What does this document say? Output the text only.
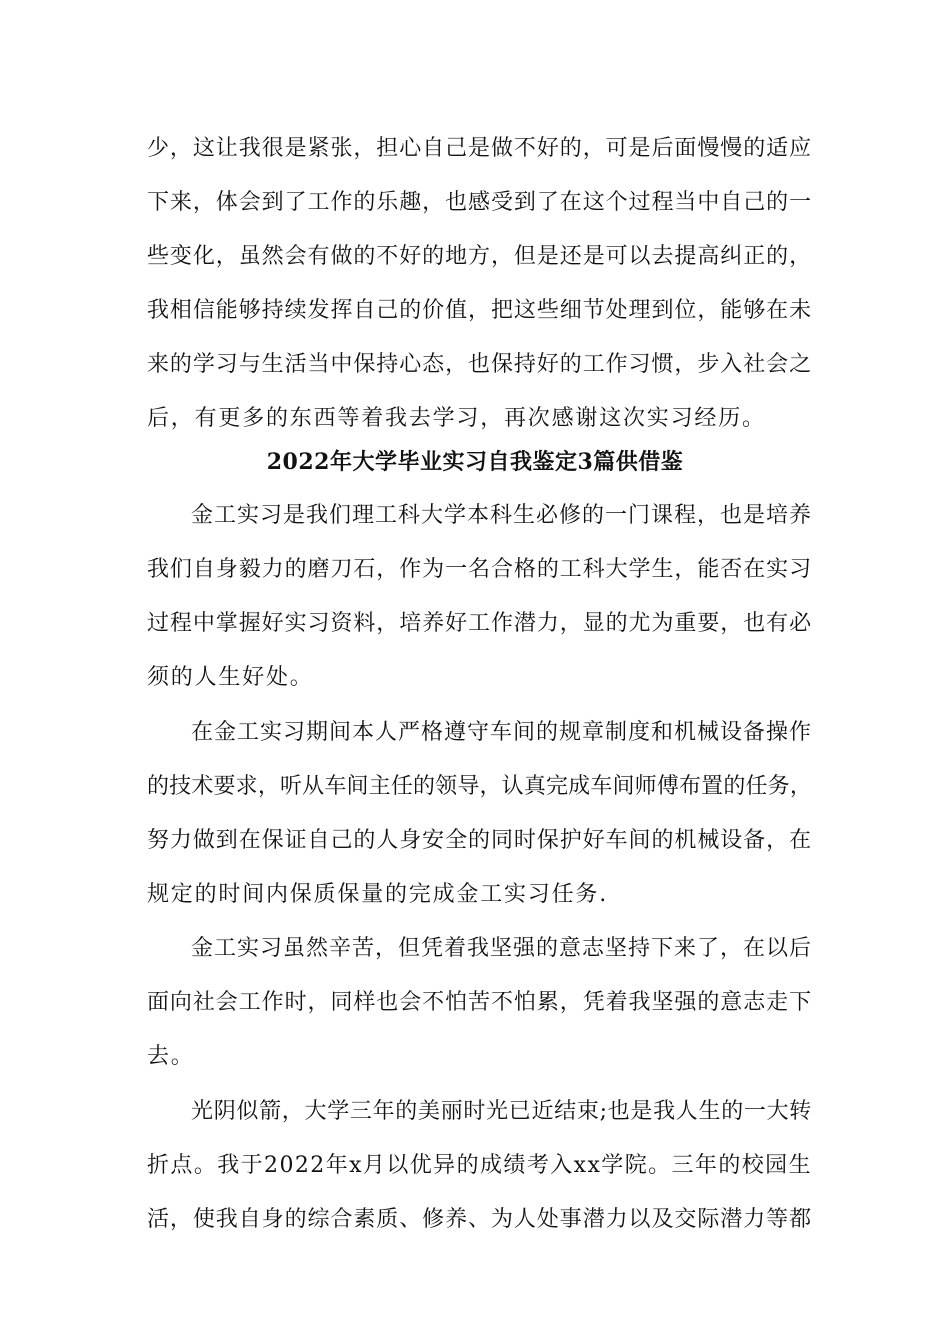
少，这让我很是紧张，担心自己是做不好的，可是后面慢慢的适应
下来，体会到了工作的乐趣，也感受到了在这个过程当中自己的一
些变化，虽然会有做的不好的地方，但是还是可以去提高纠正的，
我相信能够持续发挥自己的价值，把这些细节处理到位，能够在未
来的学习与生活当中保持心态，也保持好的工作习惯，步入社会之
后，有更多的东西等着我去学习，再次感谢这次实习经历。
2022年大学毕业实习自我鉴定3篇供借鉴
金工实习是我们理工科大学本科生必修的一门课程，也是培养
我们自身毅力的磨刀石，作为一名合格的工科大学生，能否在实习
过程中掌握好实习资料，培养好工作潜力，显的尤为重要，也有必
须的人生好处。
在金工实习期间本人严格遵守车间的规章制度和机械设备操作
的技术要求，听从车间主任的领导，认真完成车间师傅布置的任务，
努力做到在保证自己的人身安全的同时保护好车间的机械设备，在
规定的时间内保质保量的完成金工实习任务.
金工实习虽然辛苦，但凭着我坚强的意志坚持下来了，在以后
面向社会工作时，同样也会不怕苦不怕累，凭着我坚强的意志走下
去。
光阴似箭，大学三年的美丽时光已近结束;也是我人生的一大转
折点。我于2022年x月以优异的成绩考入xx学院。三年的校园生
活，使我自身的综合素质、修养、为人处事潜力以及交际潜力等都
